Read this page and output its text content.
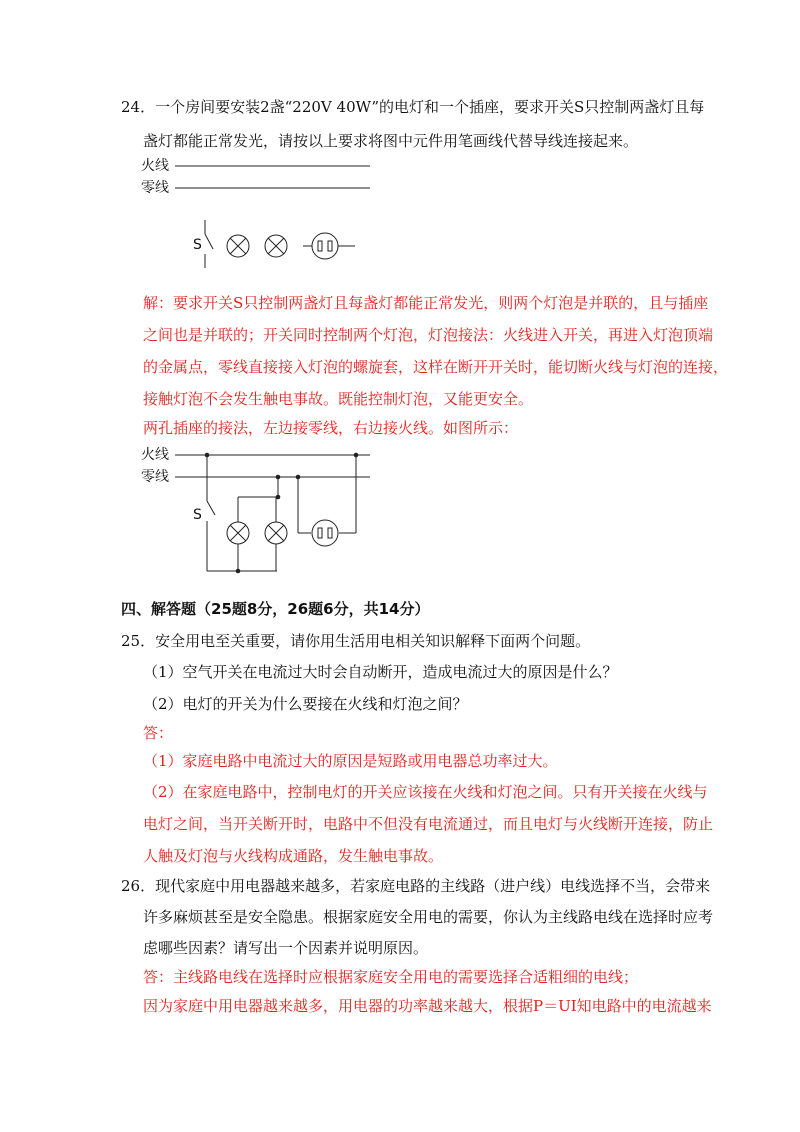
24．一个房间要安装2盏“220V 40W”的电灯和一个插座，要求开关S只控制两盏灯且每
盏灯都能正常发光，请按以上要求将图中元件用笔画线代替导线连接起来。
火线
零线
S
解：要求开关S只控制两盏灯且每盏灯都能正常发光，则两个灯泡是并联的，且与插座
之间也是并联的；开关同时控制两个灯泡，灯泡接法：火线进入开关，再进入灯泡顶端
的金属点，零线直接接入灯泡的螺旋套，这样在断开开关时，能切断火线与灯泡的连接，
接触灯泡不会发生触电事故。既能控制灯泡，又能更安全。
两孔插座的接法，左边接零线，右边接火线。如图所示：
火线
零线
S
四、解答题（25题8分，26题6分，共14分）
25．安全用电至关重要，请你用生活用电相关知识解释下面两个问题。
（1）空气开关在电流过大时会自动断开，造成电流过大的原因是什么？
（2）电灯的开关为什么要接在火线和灯泡之间？
答：
（1）家庭电路中电流过大的原因是短路或用电器总功率过大。
（2）在家庭电路中，控制电灯的开关应该接在火线和灯泡之间。只有开关接在火线与
电灯之间，当开关断开时，电路中不但没有电流通过，而且电灯与火线断开连接，防止
人触及灯泡与火线构成通路，发生触电事故。
26．现代家庭中用电器越来越多，若家庭电路的主线路（进户线）电线选择不当，会带来
许多麻烦甚至是安全隐患。根据家庭安全用电的需要，你认为主线路电线在选择时应考
虑哪些因素？请写出一个因素并说明原因。
答：主线路电线在选择时应根据家庭安全用电的需要选择合适粗细的电线；
因为家庭中用电器越来越多，用电器的功率越来越大，根据P＝UI知电路中的电流越来
